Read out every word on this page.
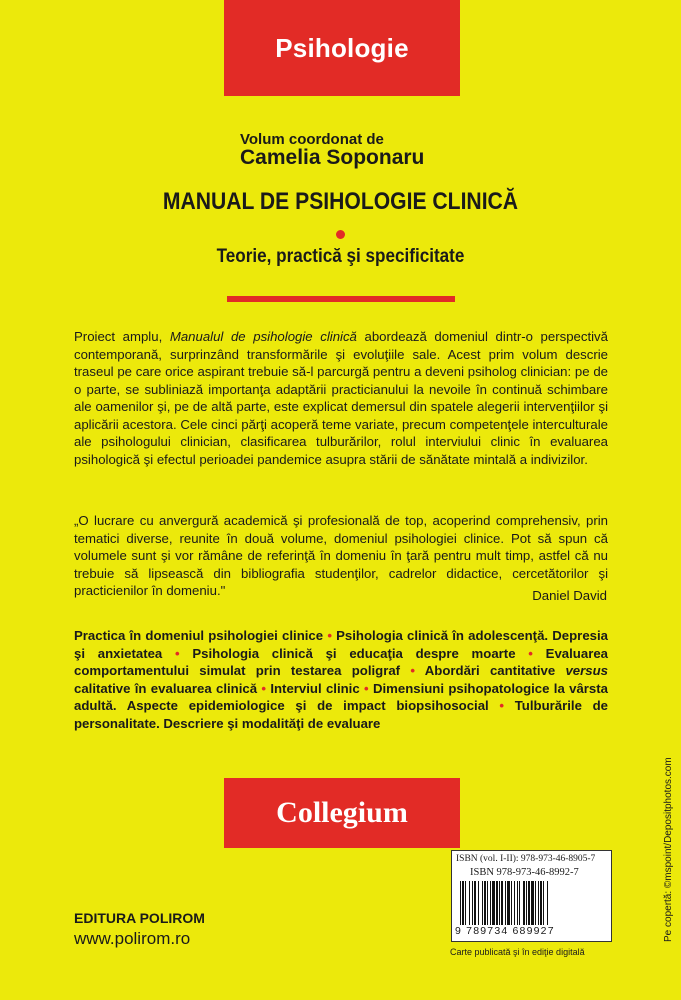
Psihologie
Volum coordonat de
Camelia Soponaru
MANUAL DE PSIHOLOGIE CLINICĂ
Teorie, practică şi specificitate

Proiect amplu, Manualul de psihologie clinică abordează domeniul dintr-o perspectivă contemporană, surprinzând transformările şi evoluţiile sale. Acest prim volum descrie traseul pe care orice aspirant trebuie să-l parcurgă pentru a deveni psiholog clinician: pe de o parte, se subliniază importanţa adaptării practicianului la nevoile în continuă schimbare ale oamenilor şi, pe de altă parte, este explicat demersul din spatele alegerii intervenţiilor şi aplicării acestora. Cele cinci părţi acoperă teme variate, precum competenţele interculturale ale psihologului clinician, clasificarea tulburărilor, rolul interviului clinic în evaluarea psihologică şi efectul perioadei pandemice asupra stării de sănătate mintală a indivizilor.

„O lucrare cu anvergură academică şi profesională de top, acoperind comprehensiv, prin tematici diverse, reunite în două volume, domeniul psihologiei clinice. Pot să spun că volumele sunt şi vor rămâne de referinţă în domeniu în ţară pentru mult timp, astfel că nu trebuie să lipsească din bibliografia studenţilor, cadrelor didactice, cercetătorilor şi practicienilor în domeniu."	Daniel David

Practica în domeniul psihologiei clinice • Psihologia clinică în adolescenţă. Depresia şi anxietatea • Psihologia clinică şi educaţia despre moarte • Evaluarea comportamentului simulat prin testarea poligraf • Abordări cantitative versus calitative în evaluarea clinică • Interviul clinic • Dimensiuni psihopatologice la vârsta adultă. Aspecte epidemiologice şi de impact biopsihosocial • Tulburările de personalitate. Descriere şi modalităţi de evaluare

Collegium
EDITURA POLIROM
www.polirom.ro
ISBN (vol. I-II): 978-973-46-8905-7
ISBN 978-973-46-8992-7
9 789734 689927
Carte publicată şi în ediţie digitală
Pe copertă: ©mspoint/Depositphotos.com
